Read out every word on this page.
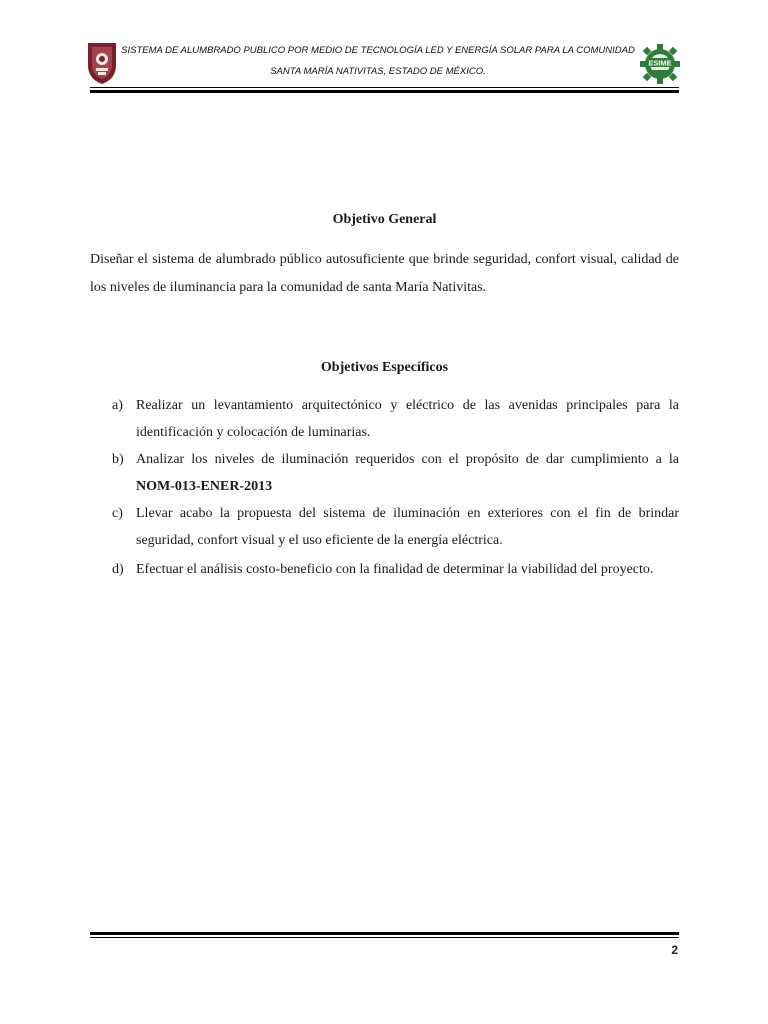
SISTEMA DE ALUMBRADO PUBLICO POR MEDIO DE TECNOLOGÍA LED Y ENERGÍA SOLAR PARA LA COMUNIDAD
SANTA MARÍA NATIVITAS, ESTADO DE MÉXICO.
ESIME
Objetivo General
Diseñar el sistema de alumbrado público autosuficiente que brinde seguridad, confort visual, calidad de los niveles de iluminancia para la comunidad de santa María Nativitas.
Objetivos Específicos
a) Realizar un levantamiento arquitectónico y eléctrico de las avenidas principales para la identificación y colocación de luminarias.
b) Analizar los niveles de iluminación requeridos con el propósito de dar cumplimiento a la
NOM-013-ENER-2013
c) Llevar acabo la propuesta del sistema de iluminación en exteriores con el fin de brindar seguridad, confort visual y el uso eficiente de la energía eléctrica.
d) Efectuar el análisis costo-beneficio con la finalidad de determinar la viabilidad del proyecto.
2
